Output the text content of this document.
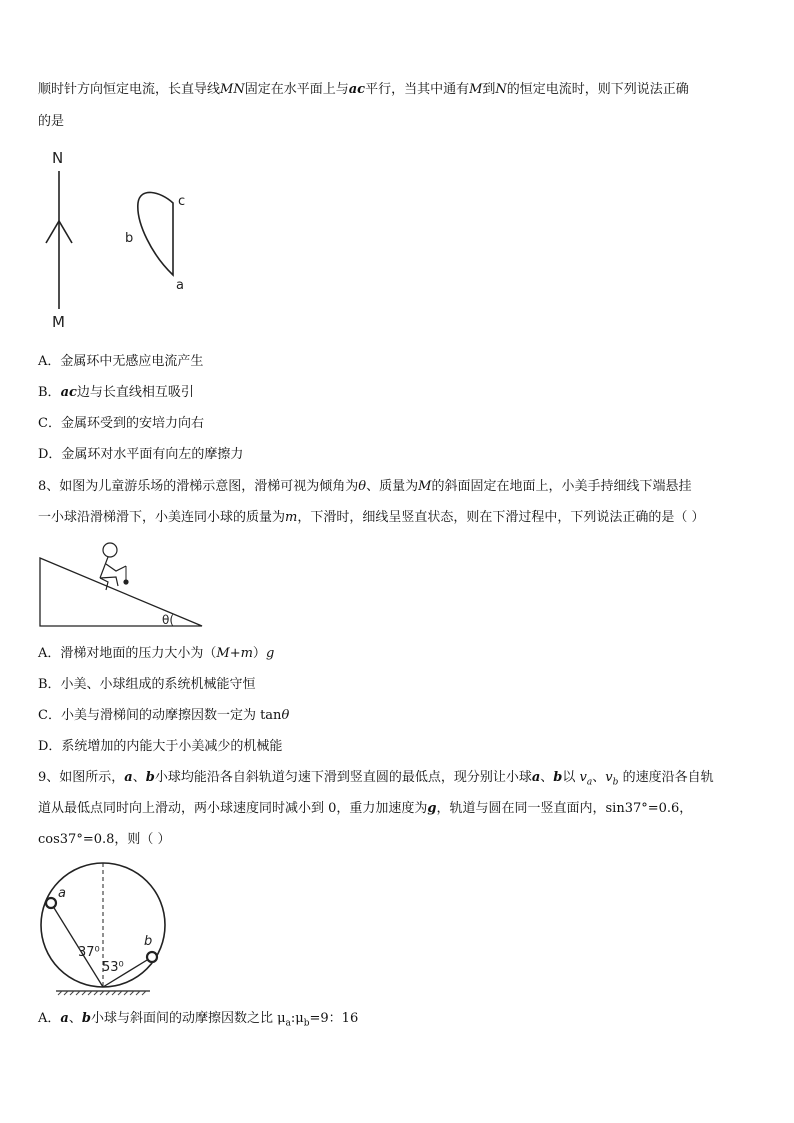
顺时针方向恒定电流，长直导线MN固定在水平面上与ac平行，当其中通有M到N的恒定电流时，则下列说法正确
的是
N
M
c
b
a
A．金属环中无感应电流产生
B．ac边与长直线相互吸引
C．金属环受到的安培力向右
D．金属环对水平面有向左的摩擦力
8、如图为儿童游乐场的滑梯示意图，滑梯可视为倾角为θ、质量为M的斜面固定在地面上，小美手持细线下端悬挂
一小球沿滑梯滑下，小美连同小球的质量为m，下滑时，细线呈竖直状态，则在下滑过程中，下列说法正确的是（ ）
θ(
A．滑梯对地面的压力大小为（M+m）g
B．小美、小球组成的系统机械能守恒
C．小美与滑梯间的动摩擦因数一定为 tanθ
D．系统增加的内能大于小美减少的机械能
9、如图所示，a、b小球均能沿各自斜轨道匀速下滑到竖直圆的最低点，现分别让小球a、b以 $v_a$、$v_b$ 的速度沿各自轨
道从最低点同时向上滑动，两小球速度同时减小到 0，重力加速度为g，轨道与圆在同一竖直面内，sin37°=0.6，
cos37°=0.8，则（ ）
a
b
37⁰
53⁰
A．a、b小球与斜面间的动摩擦因数之比 $\mu_a:\mu_b=9$：16
